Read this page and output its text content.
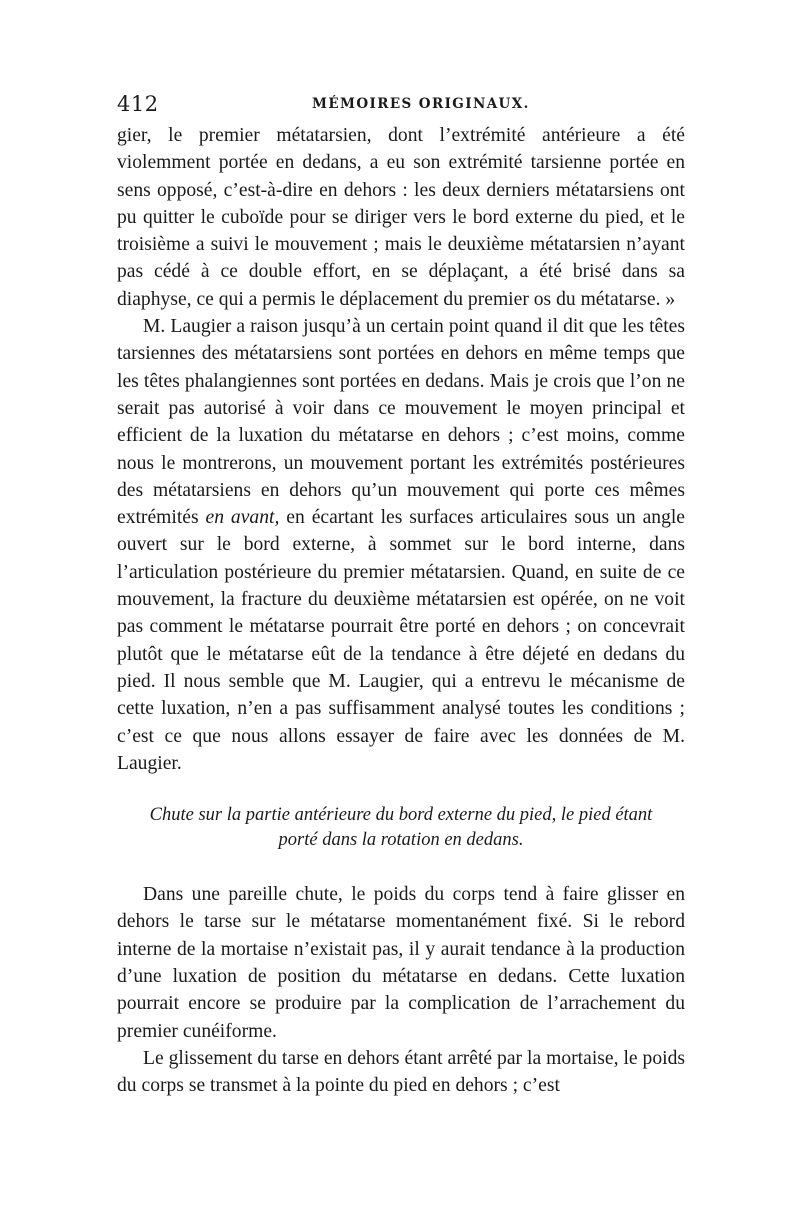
412	MÉMOIRES ORIGINAUX.

gier, le premier métatarsien, dont l’extrémité antérieure a été violemment portée en dedans, a eu son extrémité tarsienne portée en sens opposé, c’est-à-dire en dehors : les deux derniers métatarsiens ont pu quitter le cuboïde pour se diriger vers le bord externe du pied, et le troisième a suivi le mouvement ; mais le deuxième métatarsien n’ayant pas cédé à ce double effort, en se déplaçant, a été brisé dans sa diaphyse, ce qui a permis le déplacement du premier os du métatarse. »

M. Laugier a raison jusqu’à un certain point quand il dit que les têtes tarsiennes des métatarsiens sont portées en dehors en même temps que les têtes phalangiennes sont portées en dedans. Mais je crois que l’on ne serait pas autorisé à voir dans ce mouvement le moyen principal et efficient de la luxation du métatarse en dehors ; c’est moins, comme nous le montrerons, un mouvement portant les extrémités postérieures des métatarsiens en dehors qu’un mouvement qui porte ces mêmes extrémités en avant, en écartant les surfaces articulaires sous un angle ouvert sur le bord externe, à sommet sur le bord interne, dans l’articulation postérieure du premier métatarsien. Quand, en suite de ce mouvement, la fracture du deuxième métatarsien est opérée, on ne voit pas comment le métatarse pourrait être porté en dehors ; on concevrait plutôt que le métatarse eût de la tendance à être déjeté en dedans du pied. Il nous semble que M. Laugier, qui a entrevu le mécanisme de cette luxation, n’en a pas suffisamment analysé toutes les conditions ; c’est ce que nous allons essayer de faire avec les données de M. Laugier.

Chute sur la partie antérieure du bord externe du pied, le pied étant
porté dans la rotation en dedans.

Dans une pareille chute, le poids du corps tend à faire glisser en dehors le tarse sur le métatarse momentanément fixé. Si le rebord interne de la mortaise n’existait pas, il y aurait tendance à la production d’une luxation de position du métatarse en dedans. Cette luxation pourrait encore se produire par la complication de l’arrachement du premier cunéiforme.

Le glissement du tarse en dehors étant arrêté par la mortaise, le poids du corps se transmet à la pointe du pied en dehors ; c’est
